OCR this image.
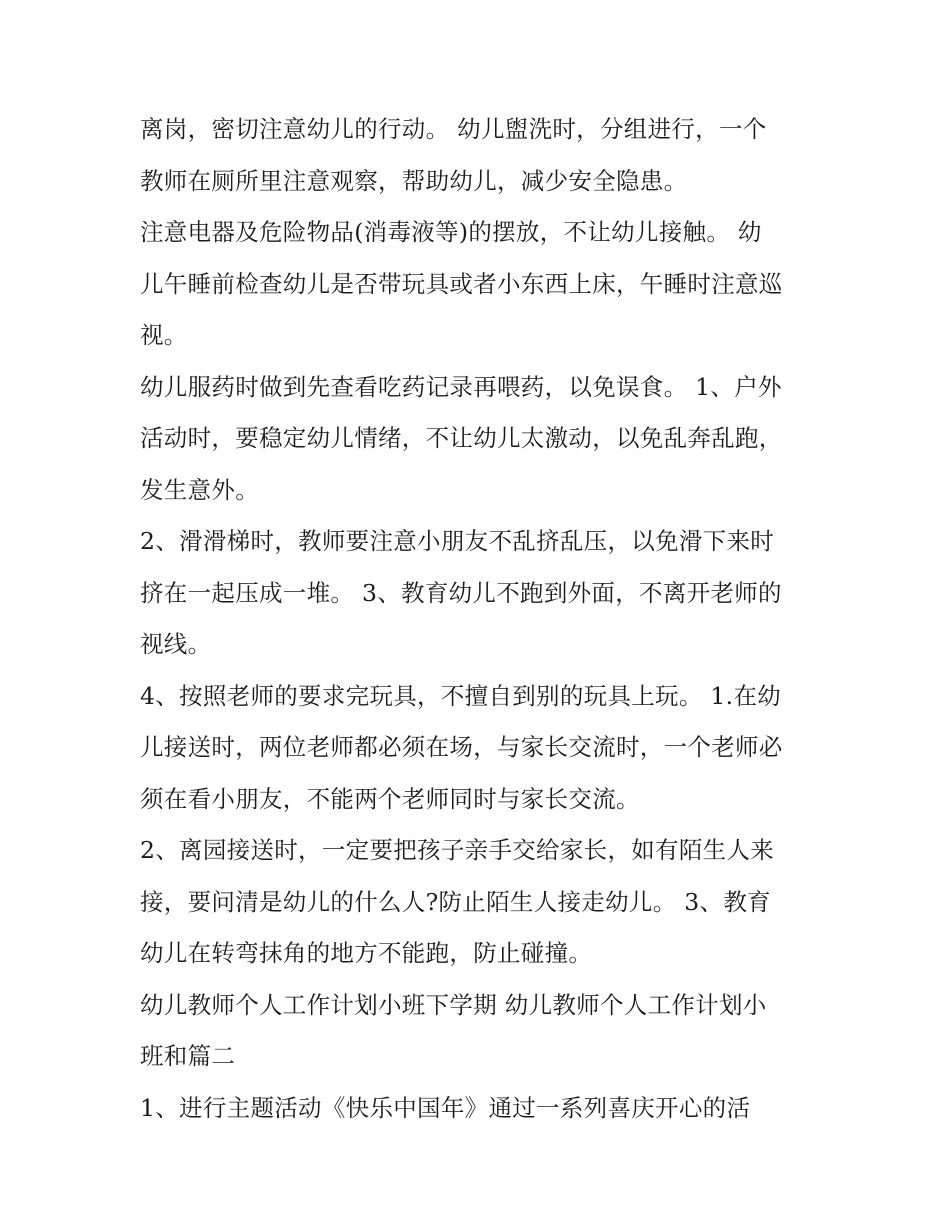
离岗，密切注意幼儿的行动。 幼儿盥洗时，分组进行，一个
教师在厕所里注意观察，帮助幼儿，减少安全隐患。
注意电器及危险物品(消毒液等)的摆放，不让幼儿接触。 幼
儿午睡前检查幼儿是否带玩具或者小东西上床，午睡时注意巡
视。
幼儿服药时做到先查看吃药记录再喂药，以免误食。 1、户外
活动时，要稳定幼儿情绪，不让幼儿太激动，以免乱奔乱跑，
发生意外。
2、滑滑梯时，教师要注意小朋友不乱挤乱压，以免滑下来时
挤在一起压成一堆。 3、教育幼儿不跑到外面，不离开老师的
视线。
4、按照老师的要求完玩具，不擅自到别的玩具上玩。 1.在幼
儿接送时，两位老师都必须在场，与家长交流时，一个老师必
须在看小朋友，不能两个老师同时与家长交流。
2、离园接送时，一定要把孩子亲手交给家长，如有陌生人来
接，要问清是幼儿的什么人?防止陌生人接走幼儿。 3、教育
幼儿在转弯抹角的地方不能跑，防止碰撞。
幼儿教师个人工作计划小班下学期 幼儿教师个人工作计划小
班和篇二
1、进行主题活动《快乐中国年》通过一系列喜庆开心的活
